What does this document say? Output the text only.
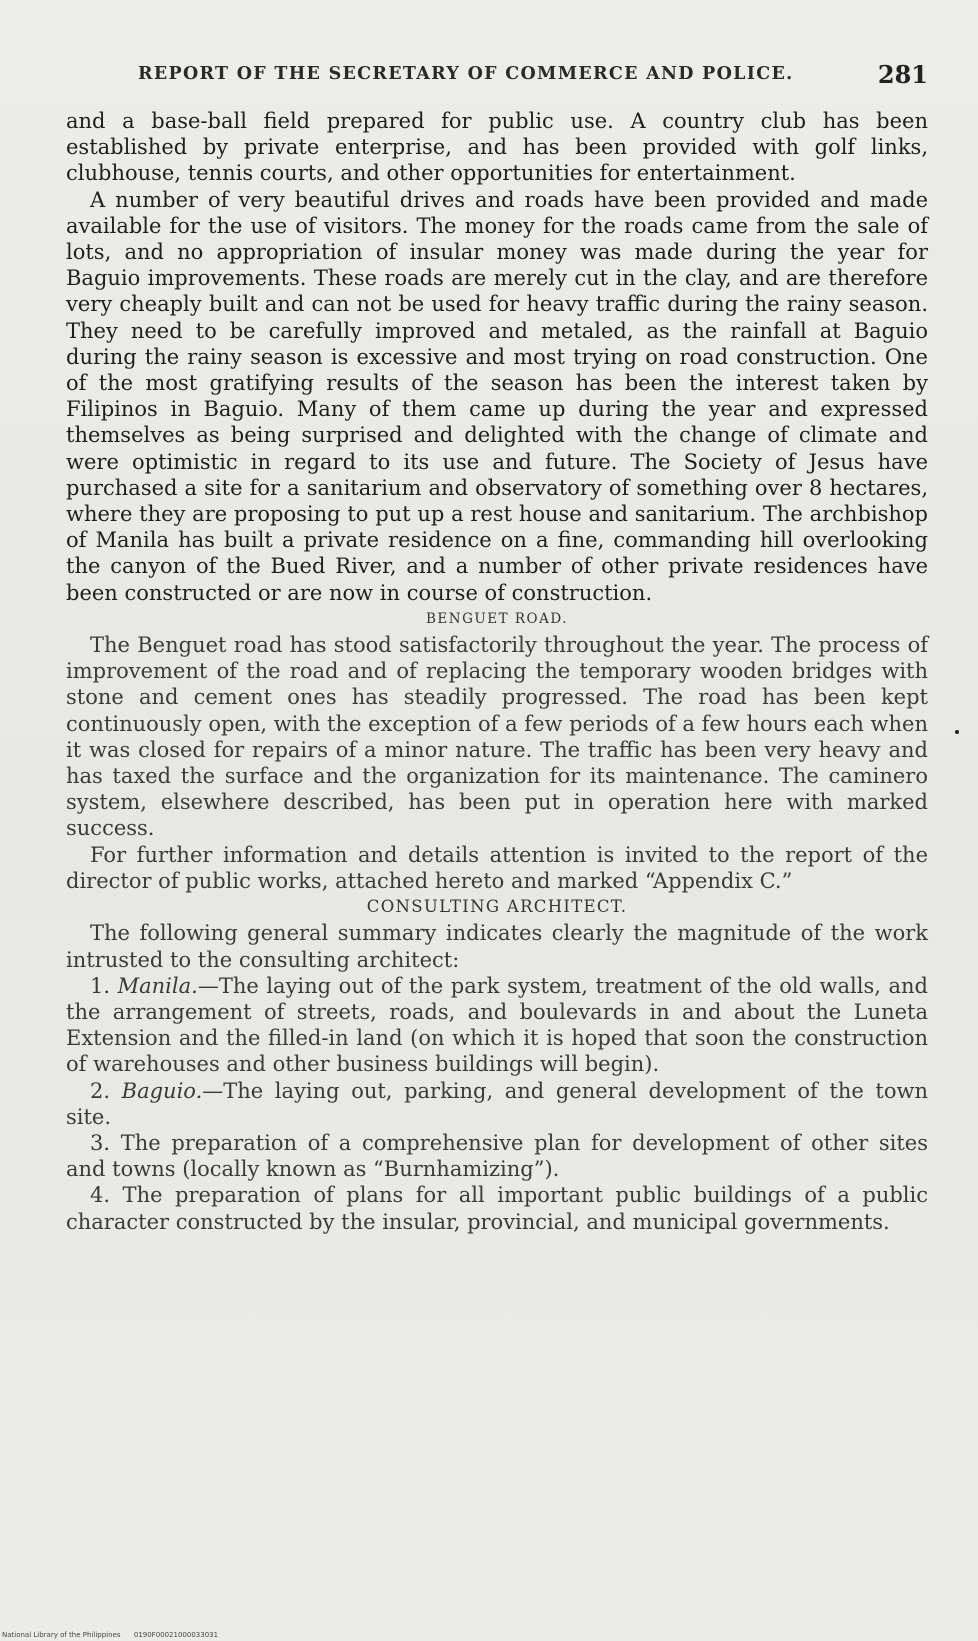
REPORT OF THE SECRETARY OF COMMERCE AND POLICE.	281

and a base-ball field prepared for public use. A country club has been established by private enterprise, and has been provided with golf links, clubhouse, tennis courts, and other opportunities for entertainment.

A number of very beautiful drives and roads have been provided and made available for the use of visitors. The money for the roads came from the sale of lots, and no appropriation of insular money was made during the year for Baguio improvements. These roads are merely cut in the clay, and are therefore very cheaply built and can not be used for heavy traffic during the rainy season. They need to be carefully improved and metaled, as the rainfall at Baguio during the rainy season is excessive and most trying on road construction. One of the most gratifying results of the season has been the interest taken by Filipinos in Baguio. Many of them came up during the year and expressed themselves as being surprised and delighted with the change of climate and were optimistic in regard to its use and future. The Society of Jesus have purchased a site for a sanitarium and observatory of something over 8 hectares, where they are proposing to put up a rest house and sanitarium. The archbishop of Manila has built a private residence on a fine, commanding hill overlooking the canyon of the Bued River, and a number of other private residences have been constructed or are now in course of construction.

BENGUET ROAD.

The Benguet road has stood satisfactorily throughout the year. The process of improvement of the road and of replacing the temporary wooden bridges with stone and cement ones has steadily progressed. The road has been kept continuously open, with the exception of a few periods of a few hours each when it was closed for repairs of a minor nature. The traffic has been very heavy and has taxed the surface and the organization for its maintenance. The caminero system, elsewhere described, has been put in operation here with marked success.

For further information and details attention is invited to the report of the director of public works, attached hereto and marked “Appendix C.”

CONSULTING ARCHITECT.

The following general summary indicates clearly the magnitude of the work intrusted to the consulting architect:

1. Manila.—The laying out of the park system, treatment of the old walls, and the arrangement of streets, roads, and boulevards in and about the Luneta Extension and the filled-in land (on which it is hoped that soon the construction of warehouses and other business buildings will begin).

2. Baguio.—The laying out, parking, and general development of the town site.

3. The preparation of a comprehensive plan for development of other sites and towns (locally known as “Burnhamizing”).

4. The preparation of plans for all important public buildings of a public character constructed by the insular, provincial, and municipal governments.

National Library of the Philippines 0190F00021000033031
